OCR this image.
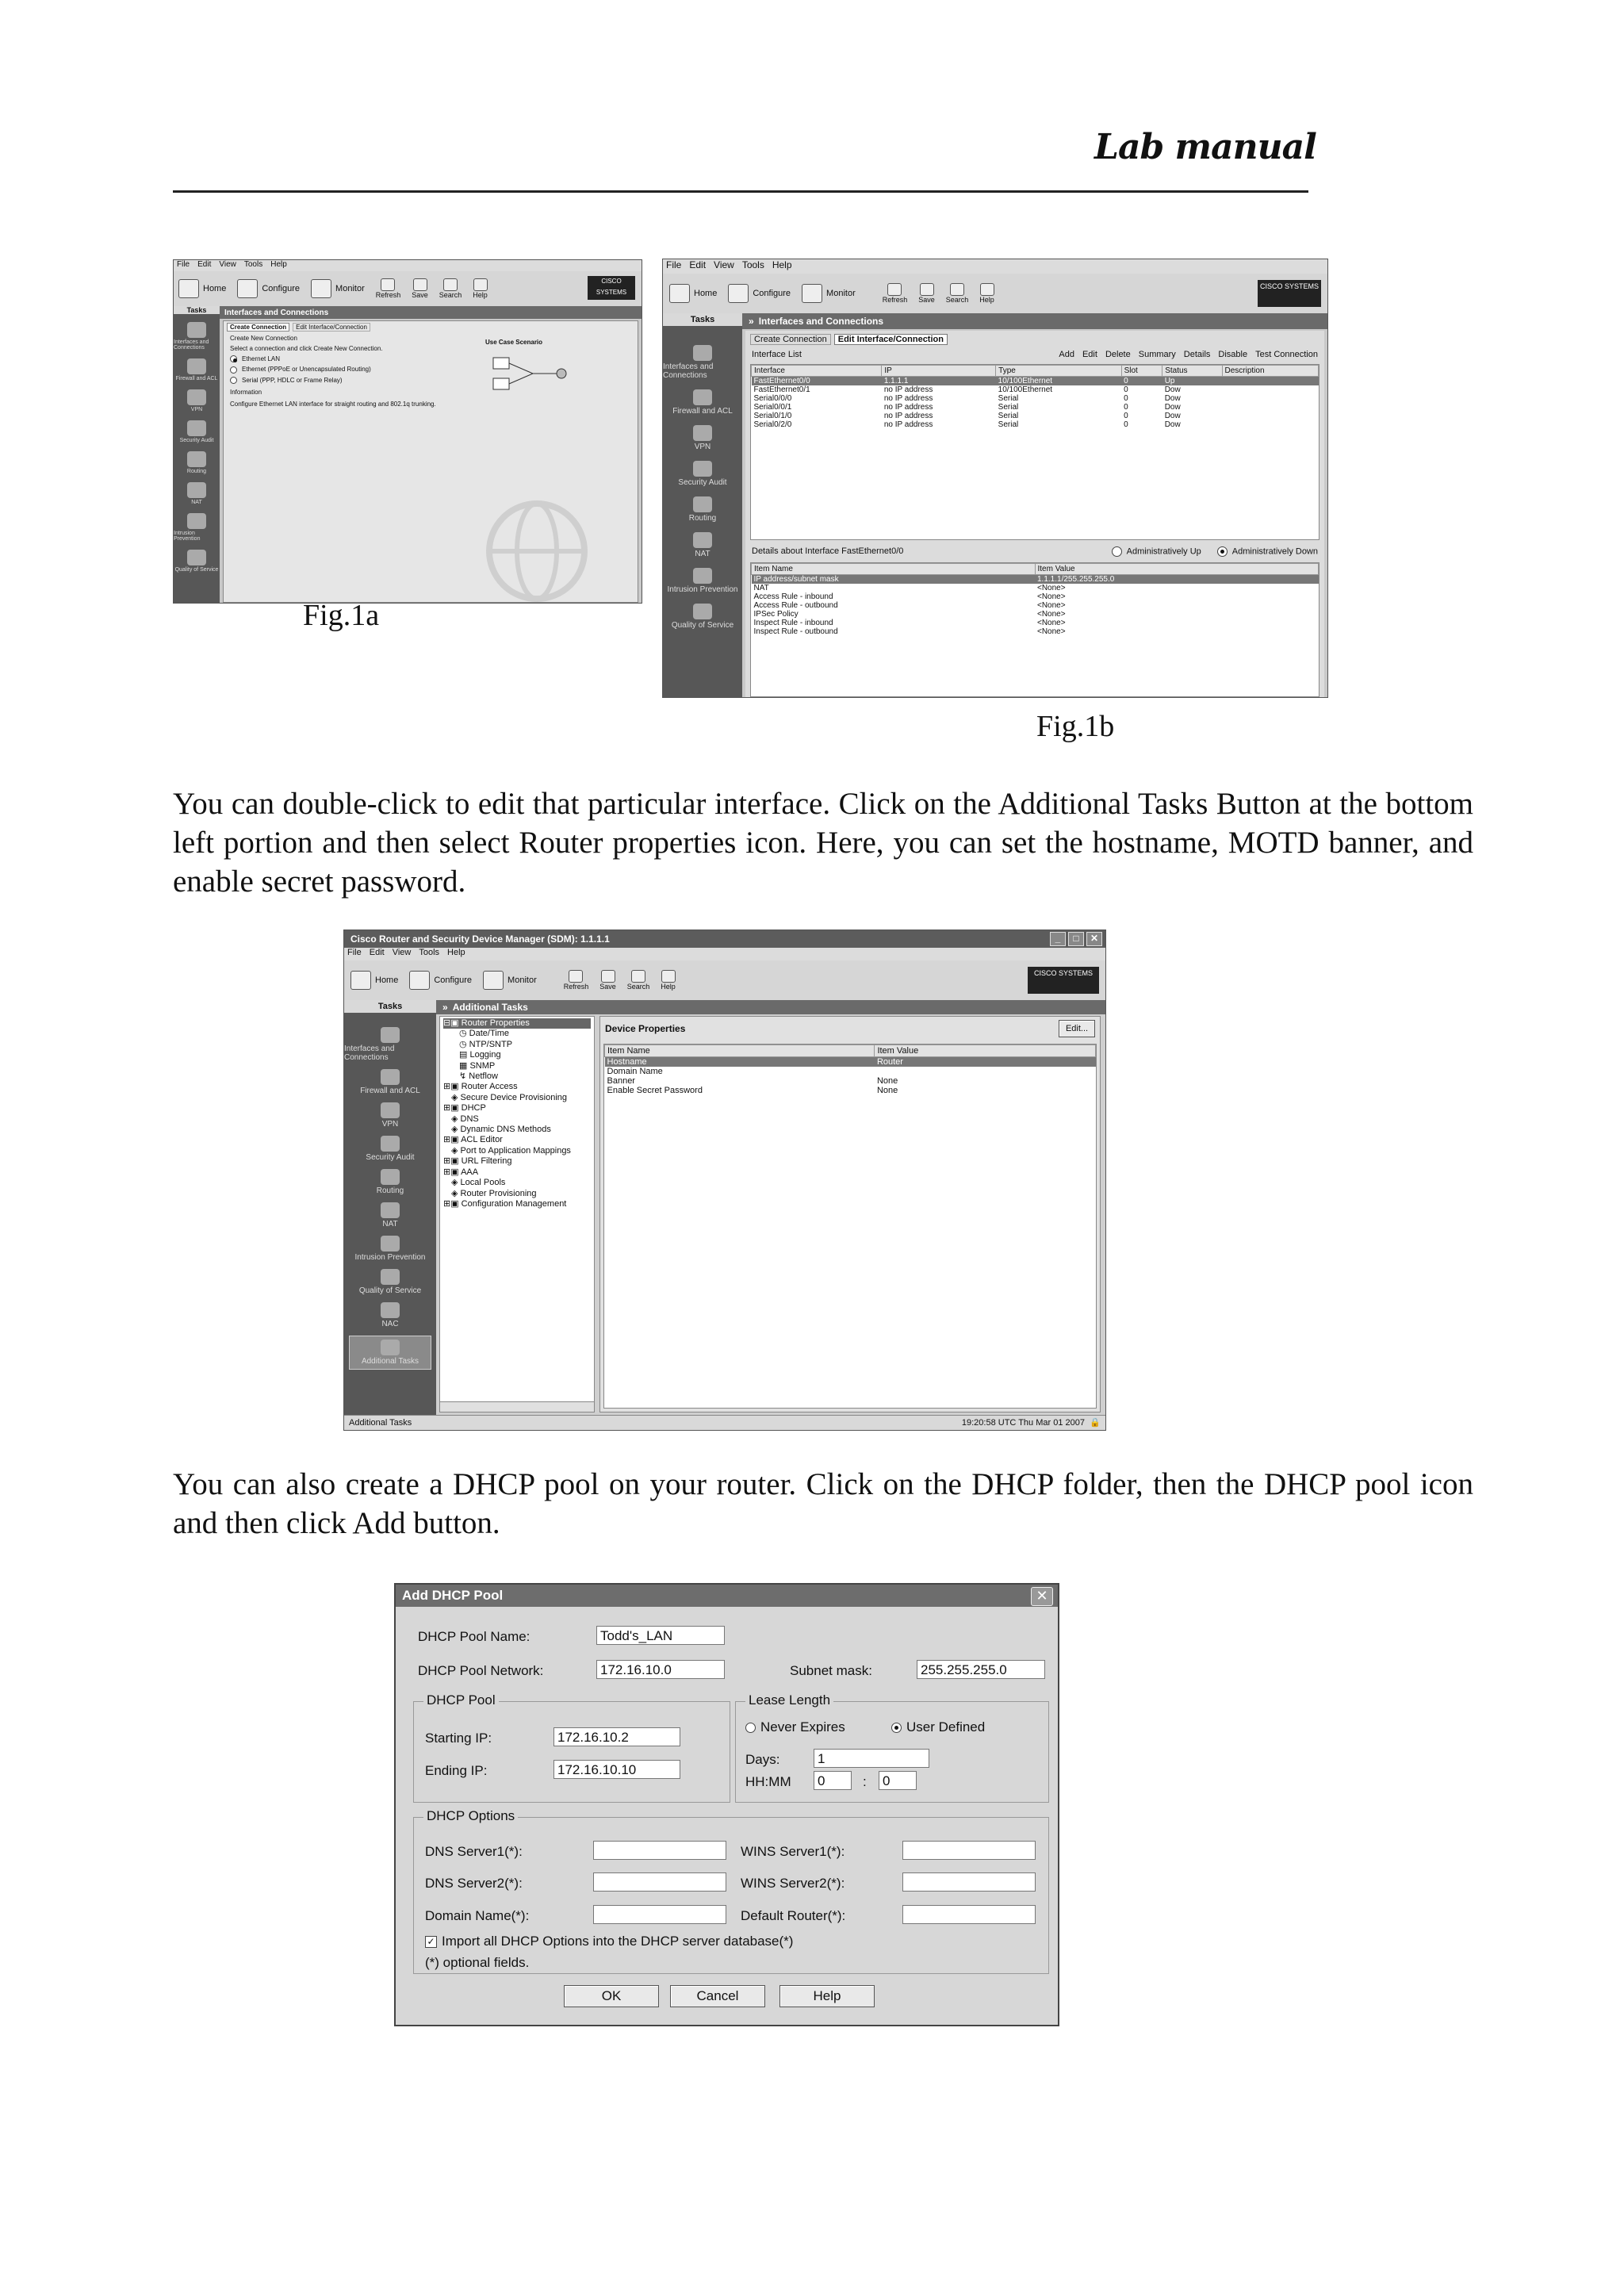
Lab manual
File Edit View Tools Help
Home	Configure	Monitor
Refresh Save Search Help
CISCO SYSTEMS
Tasks
Interfaces and Connections
Firewall and ACL
VPN
Security Audit
Routing
NAT
Intrusion Prevention
Quality of Service
Interfaces and Connections
Create Connection	Edit Interface/Connection
Create New Connection
Select a connection and click Create New Connection.
Ethernet LAN
Ethernet (PPPoE or Unencapsulated Routing)
Serial (PPP, HDLC or Frame Relay)
Information
Configure Ethernet LAN interface for straight routing and 802.1q trunking.
Use Case Scenario
Fig.1a
File Edit View Tools Help
Home	Configure	Monitor
Refresh Save Search Help
CISCO SYSTEMS
Tasks
Interfaces and Connections
Firewall and ACL
VPN
Security Audit
Routing
NAT
Intrusion Prevention
Quality of Service
» Interfaces and Connections
Create Connection	Edit Interface/Connection
Interface List	Add Edit Delete Summary Details Disable Test Connection
Interface	IP	Type	Slot	Status	Description
FastEthernet0/0	1.1.1.1	10/100Ethernet	0	Up	
FastEthernet0/1	no IP address	10/100Ethernet	0	Dow	
Serial0/0/0	no IP address	Serial	0	Dow	
Serial0/0/1	no IP address	Serial	0	Dow	
Serial0/1/0	no IP address	Serial	0	Dow	
Serial0/2/0	no IP address	Serial	0	Dow	
Details about Interface FastEthernet0/0	Administratively Up	Administratively Down
Item Name	Item Value
IP address/subnet mask	1.1.1.1/255.255.255.0
NAT	<None>
Access Rule - inbound	<None>
Access Rule - outbound	<None>
IPSec Policy	<None>
Inspect Rule - inbound	<None>
Inspect Rule - outbound	<None>
Fig.1b
You can double-click to edit that particular interface. Click on the Additional Tasks Button at the bottom left portion and then select Router properties icon. Here, you can set the hostname, MOTD banner, and enable secret password.
Cisco Router and Security Device Manager (SDM): 1.1.1.1	_	□	✕
File Edit View Tools Help
Home	Configure	Monitor
Refresh Save Search Help
CISCO SYSTEMS
Tasks
Interfaces and Connections
Firewall and ACL
VPN
Security Audit
Routing
NAT
Intrusion Prevention
Quality of Service
NAC
Additional Tasks
» Additional Tasks
⊟▣ Router Properties
◷ Date/Time
◷ NTP/SNTP
▤ Logging
▦ SNMP
↯ Netflow
⊞▣ Router Access
◈ Secure Device Provisioning
⊞▣ DHCP
◈ DNS
◈ Dynamic DNS Methods
⊞▣ ACL Editor
◈ Port to Application Mappings
⊞▣ URL Filtering
⊞▣ AAA
◈ Local Pools
◈ Router Provisioning
⊞▣ Configuration Management
Device Properties	Edit...
Item Name	Item Value
Hostname	Router
Domain Name	
Banner	None
Enable Secret Password	None
Additional Tasks	19:20:58 UTC Thu Mar 01 2007 🔒
You can also create a DHCP pool on your router. Click on the DHCP folder, then the DHCP pool icon and then click Add button.
Add DHCP Pool	✕
DHCP Pool Name:	Todd's_LAN
DHCP Pool Network:	172.16.10.0	Subnet mask:	255.255.255.0
DHCP Pool
Starting IP:	172.16.10.2
Ending IP:	172.16.10.10
Lease Length
Never Expires	User Defined
Days:	1
HH:MM 0	: 0
DHCP Options
DNS Server1(*):	WINS Server1(*):
DNS Server2(*):	WINS Server2(*):
Domain Name(*):	Default Router(*):
✓ Import all DHCP Options into the DHCP server database(*)
(*) optional fields.
OK	Cancel	Help
